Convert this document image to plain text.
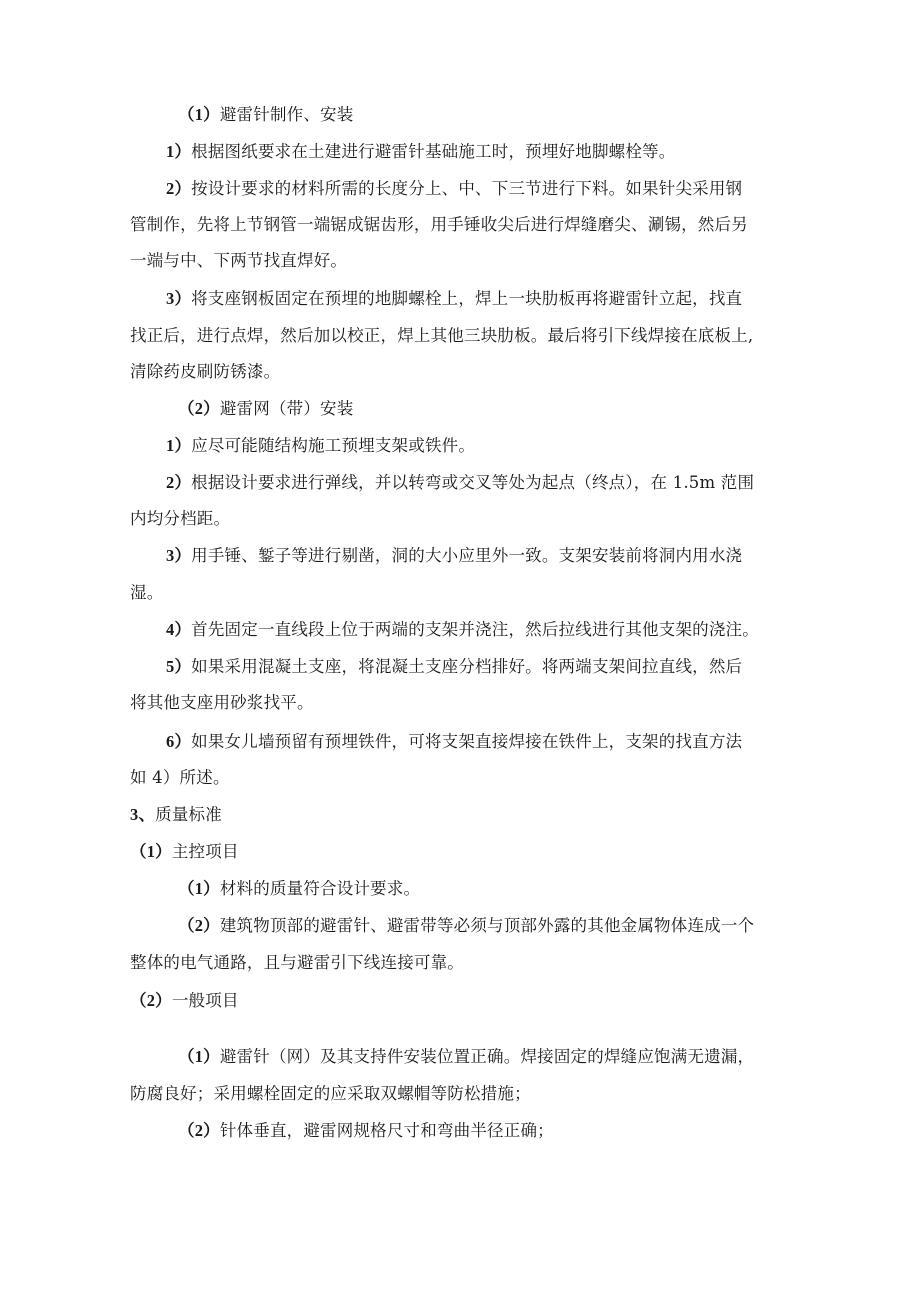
（1）避雷针制作、安装
1）根据图纸要求在土建进行避雷针基础施工时，预埋好地脚螺栓等。
2）按设计要求的材料所需的长度分上、中、下三节进行下料。如果针尖采用钢
管制作，先将上节钢管一端锯成锯齿形，用手锤收尖后进行焊缝磨尖、涮锡，然后另
一端与中、下两节找直焊好。
3）将支座钢板固定在预埋的地脚螺栓上，焊上一块肋板再将避雷针立起，找直
找正后，进行点焊，然后加以校正，焊上其他三块肋板。最后将引下线焊接在底板上,
清除药皮刷防锈漆。
（2）避雷网（带）安装
1）应尽可能随结构施工预埋支架或铁件。
2）根据设计要求进行弹线，并以转弯或交叉等处为起点（终点），在 1.5m 范围
内均分档距。
3）用手锤、錾子等进行剔凿，洞的大小应里外一致。支架安装前将洞内用水浇
湿。
4）首先固定一直线段上位于两端的支架并浇注，然后拉线进行其他支架的浇注。
5）如果采用混凝土支座，将混凝土支座分档排好。将两端支架间拉直线，然后
将其他支座用砂浆找平。
6）如果女儿墙预留有预埋铁件，可将支架直接焊接在铁件上，支架的找直方法
如 4）所述。
3、质量标准
（1）主控项目
（1）材料的质量符合设计要求。
（2）建筑物顶部的避雷针、避雷带等必须与顶部外露的其他金属物体连成一个
整体的电气通路，且与避雷引下线连接可靠。
（2）一般项目
（1）避雷针（网）及其支持件安装位置正确。焊接固定的焊缝应饱满无遗漏，
防腐良好；采用螺栓固定的应采取双螺帽等防松措施；
（2）针体垂直，避雷网规格尺寸和弯曲半径正确；
